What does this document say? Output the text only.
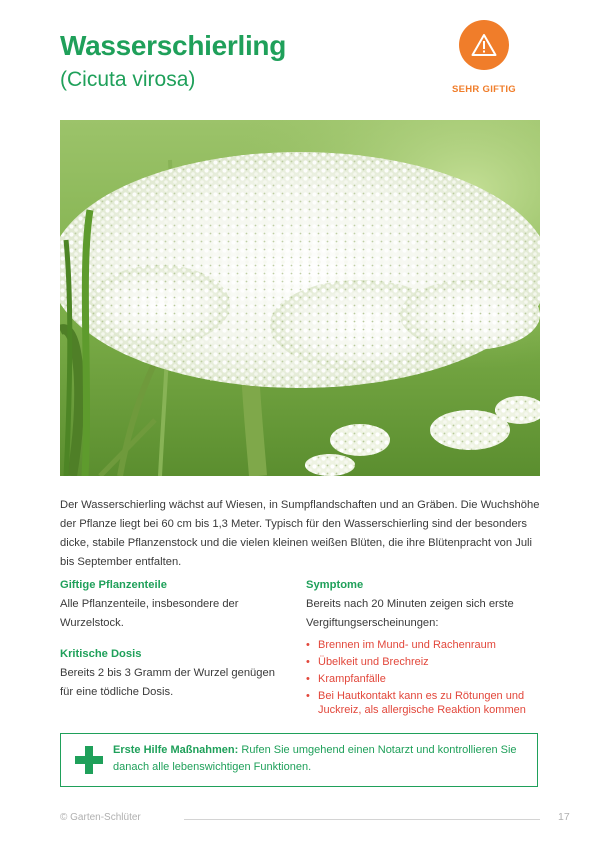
Wasserschierling
(Cicuta virosa)	SEHR GIFTIG

Der Wasserschierling wächst auf Wiesen, in Sumpflandschaften und an Gräben. Die Wuchshöhe der Pflanze liegt bei 60 cm bis 1,3 Meter. Typisch für den Wasserschierling sind der besonders dicke, stabile Pflanzenstock und die vielen kleinen weißen Blüten, die ihre Blütenpracht von Juli bis September entfalten.

Giftige Pflanzenteile

Alle Pflanzenteile, insbesondere der Wurzelstock.

Kritische Dosis

Bereits 2 bis 3 Gramm der Wurzel genügen für eine tödliche Dosis.

Symptome

Bereits nach 20 Minuten zeigen sich erste Vergiftungserscheinungen:

• Brennen im Mund- und Rachenraum
• Übelkeit und Brechreiz
• Krampfanfälle
• Bei Hautkontakt kann es zu Rötungen und Juckreiz, als allergische Reaktion kommen

Erste Hilfe Maßnahmen: Rufen Sie umgehend einen Notarzt und kontrollieren Sie danach alle lebenswichtigen Funktionen.

© Garten-Schlüter	17
